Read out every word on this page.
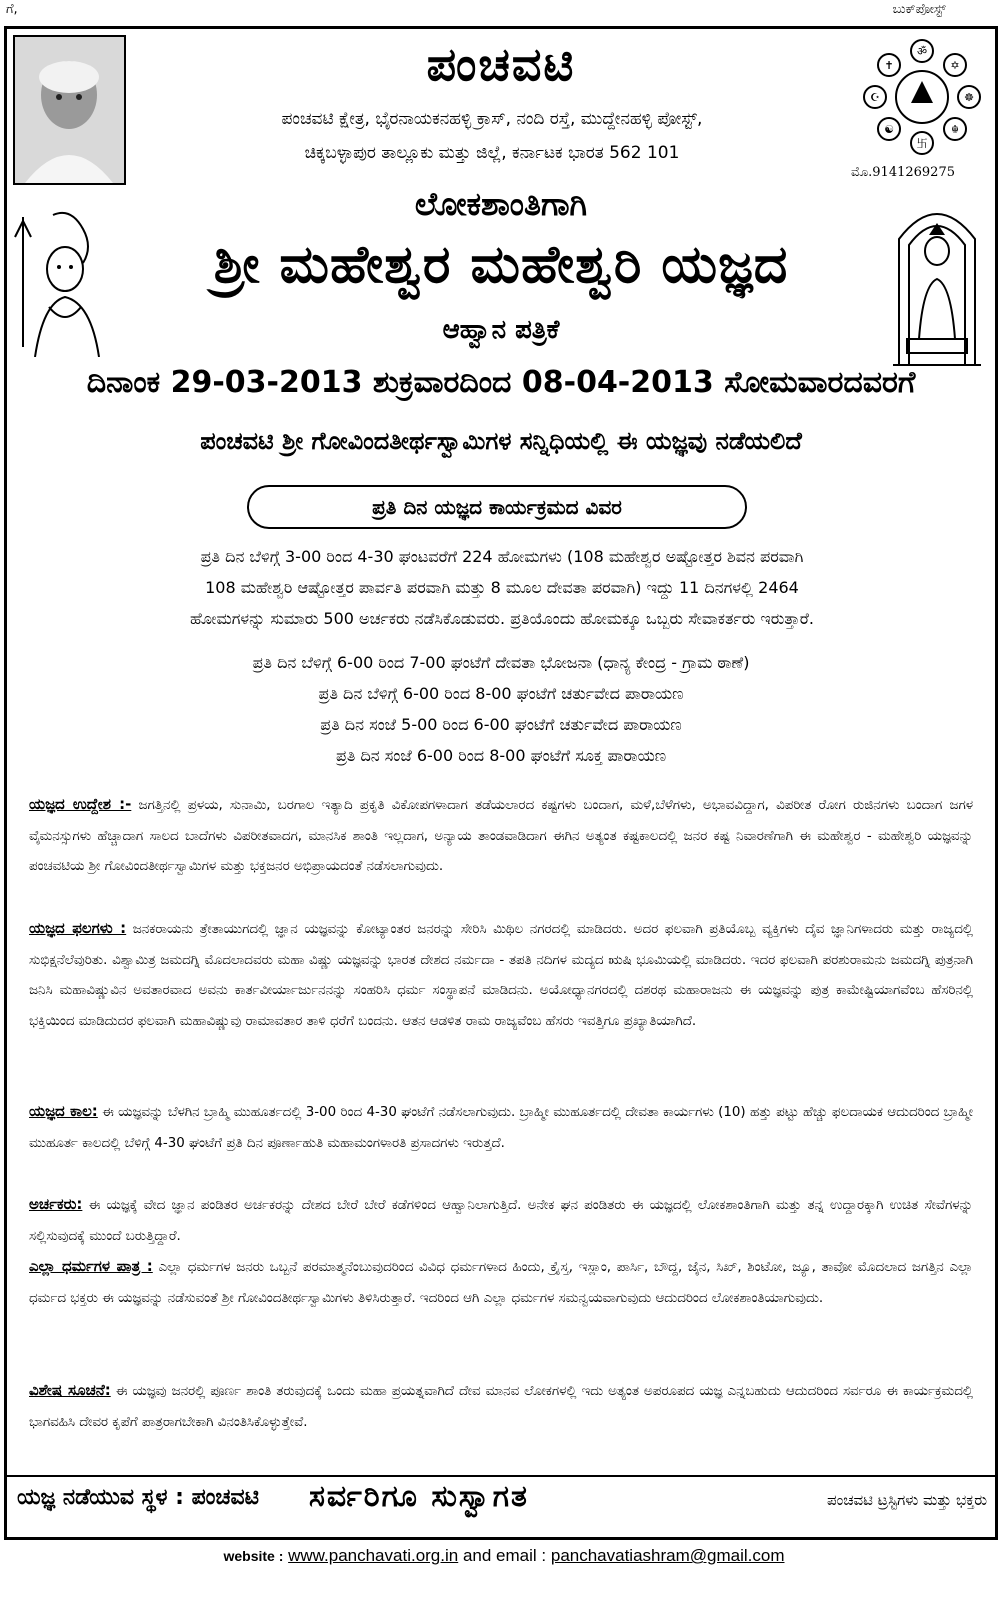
ಗೆ,	ಬುಕ್‌ಪೋಸ್ಟ್
ಪಂಚವಟಿ
ಪಂಚವಟಿ ಕ್ಷೇತ್ರ, ಭೈರನಾಯಕನಹಳ್ಳಿ ಕ್ರಾಸ್, ನಂದಿ ರಸ್ತೆ, ಮುದ್ದೇನಹಳ್ಳಿ ಪೋಸ್ಟ್,
ಚಿಕ್ಕಬಳ್ಳಾಪುರ ತಾಲ್ಲೂಕು ಮತ್ತು ಜಿಲ್ಲೆ, ಕರ್ನಾಟಕ ಭಾರತ 562 101
ॐ
卐
☪	☸
✝	✡
☯	☬
ಮೊ.9141269275
ಲೋಕಶಾಂತಿಗಾಗಿ
ಶ್ರೀ ಮಹೇಶ್ವರ ಮಹೇಶ್ವರಿ ಯಜ್ಞದ
ಆಹ್ವಾನ ಪತ್ರಿಕೆ
ದಿನಾಂಕ 29-03-2013 ಶುಕ್ರವಾರದಿಂದ 08-04-2013 ಸೋಮವಾರದವರಗೆ
ಪಂಚವಟಿ ಶ್ರೀ ಗೋವಿಂದತೀರ್ಥಸ್ವಾಮಿಗಳ ಸನ್ನಿಧಿಯಲ್ಲಿ ಈ ಯಜ್ಞವು ನಡೆಯಲಿದೆ
ಪ್ರತಿ ದಿನ ಯಜ್ಞದ ಕಾರ್ಯಕ್ರಮದ ವಿವರ
ಪ್ರತಿ ದಿನ ಬೆಳಿಗ್ಗೆ 3-00 ರಿಂದ 4-30 ಘಂಟವರೆಗೆ 224 ಹೋಮಗಳು (108 ಮಹೇಶ್ವರ ಅಷ್ಟೋತ್ತರ ಶಿವನ ಪರವಾಗಿ
108 ಮಹೇಶ್ವರಿ ಆಷ್ಟೋತ್ತರ ಪಾರ್ವತಿ ಪರವಾಗಿ ಮತ್ತು 8 ಮೂಲ ದೇವತಾ ಪರವಾಗಿ) ಇದ್ದು 11 ದಿನಗಳಲ್ಲಿ 2464
ಹೋಮಗಳನ್ನು ಸುಮಾರು 500 ಅರ್ಚಕರು ನಡೆಸಿಕೊಡುವರು. ಪ್ರತಿಯೊಂದು ಹೋಮಕ್ಕೂ ಒಬ್ಬರು ಸೇವಾಕರ್ತರು ಇರುತ್ತಾರೆ.
ಪ್ರತಿ ದಿನ ಬೆಳಿಗ್ಗೆ 6-00 ರಿಂದ 7-00 ಘಂಟೆಗೆ ದೇವತಾ ಭೋಜನಾ (ಧಾನ್ಯ ಕೇಂದ್ರ - ಗ್ರಾಮ ಠಾಣೆ)
ಪ್ರತಿ ದಿನ ಬೆಳಿಗ್ಗೆ 6-00 ರಿಂದ 8-00 ಘಂಟೆಗೆ ಚರ್ತುವೇದ ಪಾರಾಯಣ
ಪ್ರತಿ ದಿನ ಸಂಜೆ 5-00 ರಿಂದ 6-00 ಘಂಟೆಗೆ ಚರ್ತುವೇದ ಪಾರಾಯಣ
ಪ್ರತಿ ದಿನ ಸಂಜೆ 6-00 ರಿಂದ 8-00 ಘಂಟೆಗೆ ಸೂಕ್ತ ಪಾರಾಯಣ
ಯಜ್ಞದ ಉದ್ದೇಶ :- ಜಗತ್ತಿನಲ್ಲಿ ಪ್ರಳಯ, ಸುನಾಮಿ, ಬರಗಾಲ ಇತ್ಯಾದಿ ಪ್ರಕೃತಿ ವಿಕೋಪಗಳಾದಾಗ ತಡೆಯಲಾರದ ಕಷ್ಟಗಳು ಬಂದಾಗ, ಮಳೆ,ಬೆಳೆಗಳು, ಅಭಾವವಿದ್ದಾಗ, ವಿಪರೀತ ರೋಗ ರುಜಿನಗಳು ಬಂದಾಗ ಜಗಳ ವೈಮನಸ್ಸುಗಳು ಹೆಚ್ಚಾದಾಗ ಸಾಲದ ಬಾದೆಗಳು ವಿಪರೀತವಾದಗ, ಮಾನಸಿಕ ಶಾಂತಿ ಇಲ್ಲದಾಗ, ಅನ್ಯಾಯ ತಾಂಡವಾಡಿದಾಗ ಈಗಿನ ಅತ್ಯಂತ ಕಷ್ಟಕಾಲದಲ್ಲಿ ಜನರ ಕಷ್ಟ ನಿವಾರಣೆಗಾಗಿ ಈ ಮಹೇಶ್ವರ - ಮಹೇಶ್ವರಿ ಯಜ್ಞವನ್ನು ಪಂಚವಟಿಯ ಶ್ರೀ ಗೋವಿಂದತೀರ್ಥಸ್ವಾಮಿಗಳ ಮತ್ತು ಭಕ್ತಜನರ ಅಭಿಪ್ರಾಯದಂತೆ ನಡೆಸಲಾಗುವುದು.
ಯಜ್ಞದ ಫಲಗಳು : ಜನಕರಾಯನು ತ್ರೇತಾಯುಗದಲ್ಲಿ ಜ್ಞಾನ ಯಜ್ಞವನ್ನು ಕೋಟ್ಯಾಂತರ ಜನರನ್ನು ಸೇರಿಸಿ ಮಿಥಿಲ ನಗರದಲ್ಲಿ ಮಾಡಿದರು. ಅದರ ಫಲವಾಗಿ ಪ್ರತಿಯೊಬ್ಬ ವ್ಯಕ್ತಿಗಳು ದೈವ ಜ್ಞಾನಿಗಳಾದರು ಮತ್ತು ರಾಜ್ಯದಲ್ಲಿ ಸುಭಿಕ್ಷನೆಲೆವುರಿತು. ವಿಶ್ವಾಮಿತ್ರ ಜಮದಗ್ನಿ ಮೊದಲಾದವರು ಮಹಾ ವಿಷ್ಣು ಯಜ್ಞವನ್ನು ಭಾರತ ದೇಶದ ನರ್ಮದಾ - ತಪತಿ ನದಿಗಳ ಮದ್ಯದ ಋಷಿ ಭೂಮಿಯಲ್ಲಿ ಮಾಡಿದರು. ಇದರ ಫಲವಾಗಿ ಪರಶುರಾಮನು ಜಮದಗ್ನಿ ಪುತ್ರನಾಗಿ ಜನಿಸಿ ಮಹಾವಿಷ್ಣುವಿನ ಅವತಾರವಾದ ಅವನು ಕಾರ್ತವೀರ್ಯಾರ್ಜುನನನ್ನು ಸಂಹರಿಸಿ ಧರ್ಮ ಸಂಸ್ಥಾಪನೆ ಮಾಡಿದನು. ಅಯೋಧ್ಯಾನಗರದಲ್ಲಿ ದಶರಥ ಮಹಾರಾಜನು ಈ ಯಜ್ಞವನ್ನು ಪುತ್ರ ಕಾಮೇಷ್ಟಿಯಾಗವೆಂಬ ಹೆಸರಿನಲ್ಲಿ ಭಕ್ತಿಯಿಂದ ಮಾಡಿದುದರ ಫಲವಾಗಿ ಮಹಾವಿಷ್ಣುವು ರಾಮಾವತಾರ ತಾಳಿ ಧರೆಗೆ ಬಂದನು. ಆತನ ಆಡಳಿತ ರಾಮ ರಾಜ್ಯವೆಂಬ ಹೆಸರು ಇವತ್ತಿಗೂ ಪ್ರಖ್ಯಾತಿಯಾಗಿದೆ.
ಯಜ್ಞದ ಕಾಲ: ಈ ಯಜ್ಞವನ್ನು ಬೆಳಗಿನ ಬ್ರಾಹ್ಮಿ ಮುಹೂರ್ತದಲ್ಲಿ 3-00 ರಿಂದ 4-30 ಘಂಟೆಗೆ ನಡೆಸಲಾಗುವುದು. ಬ್ರಾಹ್ಮೀ ಮುಹೂರ್ತದಲ್ಲಿ ದೇವತಾ ಕಾರ್ಯಗಳು (10) ಹತ್ತು ಪಟ್ಟು ಹೆಚ್ಚು ಫಲದಾಯಕ ಆದುದರಿಂದ ಬ್ರಾಹ್ಮೀ ಮುಹೂರ್ತ ಕಾಲದಲ್ಲಿ ಬೆಳಿಗ್ಗೆ 4-30 ಘಂಟೆಗೆ ಪ್ರತಿ ದಿನ ಪೂರ್ಣಾಹುತಿ ಮಹಾಮಂಗಳಾರತಿ ಪ್ರಸಾದಗಳು ಇರುತ್ತದೆ.
ಅರ್ಚಕರು: ಈ ಯಜ್ಞಕ್ಕೆ ವೇದ ಜ್ಞಾನ ಪಂಡಿತರ ಅರ್ಚಕರನ್ನು ದೇಶದ ಬೇರೆ ಬೇರೆ ಕಡೆಗಳಿಂದ ಆಹ್ವಾನಿಲಾಗುತ್ತಿದೆ. ಅನೇಕ ಘನ ಪಂಡಿತರು ಈ ಯಜ್ಞದಲ್ಲಿ ಲೋಕಶಾಂತಿಗಾಗಿ ಮತ್ತು ತನ್ನ ಉದ್ದಾರಕ್ಕಾಗಿ ಉಚಿತ ಸೇವೆಗಳನ್ನು ಸಲ್ಲಿಸುವುದಕ್ಕೆ ಮುಂದೆ ಬರುತ್ತಿದ್ದಾರೆ.
ಎಲ್ಲಾ ಧರ್ಮಗಳ ಪಾತ್ರ : ಎಲ್ಲಾ ಧರ್ಮಗಳ ಜನರು ಒಬ್ಬನೆ ಪರಮಾತ್ಮನೆಂಬುವುದರಿಂದ ವಿವಿಧ ಧರ್ಮಗಳಾದ ಹಿಂದು, ಕ್ರೈಸ್ತ, ಇಸ್ಲಾಂ, ಪಾರ್ಸಿ, ಬೌದ್ದ, ಜೈನ, ಸಿಖ್, ಶಿಂಟೋ, ಜ್ಯೂ, ತಾವೋ ಮೊದಲಾದ ಜಗತ್ತಿನ ಎಲ್ಲಾ ಧರ್ಮದ ಭಕ್ತರು ಈ ಯಜ್ಞವನ್ನು ನಡೆಸುವಂತೆ ಶ್ರೀ ಗೋವಿಂದತೀರ್ಥಸ್ವಾಮಿಗಳು ತಿಳಿಸಿರುತ್ತಾರೆ. ಇದರಿಂದ ಆಗಿ ಎಲ್ಲಾ ಧರ್ಮಗಳ ಸಮನ್ವಯವಾಗುವುದು ಆದುದರಿಂದ ಲೋಕಶಾಂತಿಯಾಗುವುದು.
ವಿಶೇಷ ಸೂಚನೆ: ಈ ಯಜ್ಞವು ಜನರಲ್ಲಿ ಪೂರ್ಣ ಶಾಂತಿ ತರುವುದಕ್ಕೆ ಒಂದು ಮಹಾ ಪ್ರಯತ್ನವಾಗಿದೆ ದೇವ ಮಾನವ ಲೋಕಗಳಲ್ಲಿ ಇದು ಅತ್ಯಂತ ಅಪರೂಪದ ಯಜ್ಞ ಎನ್ನಬಹುದು ಆದುದರಿಂದ ಸರ್ವರೂ ಈ ಕಾರ್ಯಕ್ರಮದಲ್ಲಿ ಭಾಗವಹಿಸಿ ದೇವರ ಕೃಪೆಗೆ ಪಾತ್ರರಾಗಬೇಕಾಗಿ ವಿನಂತಿಸಿಕೊಳ್ಳುತ್ತೇವೆ.
ಯಜ್ಞ ನಡೆಯುವ ಸ್ಥಳ : ಪಂಚವಟಿ ಸರ್ವರಿಗೂ ಸುಸ್ವಾಗತ	ಪಂಚವಟಿ ಟ್ರಸ್ಟಿಗಳು ಮತ್ತು ಭಕ್ತರು
website : www.panchavati.org.in and email : panchavatiashram@gmail.com
